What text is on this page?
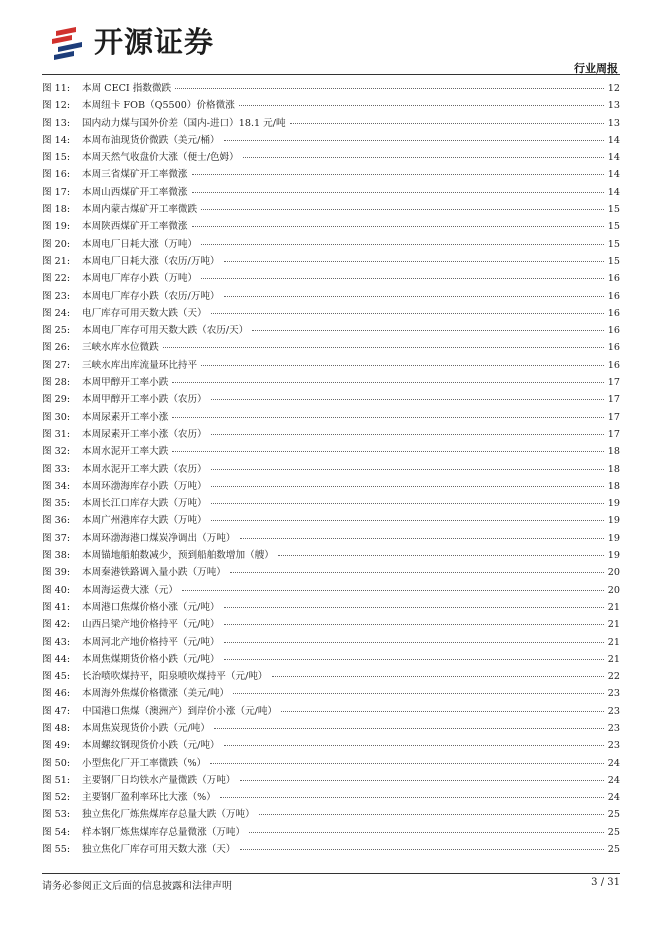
开源证券
行业周报
图 11:	本周 CECI 指数微跌	12
图 12:	本周纽卡 FOB（Q5500）价格微涨	13
图 13:	国内动力煤与国外价差（国内-进口）18.1 元/吨	13
图 14:	本周布油现货价微跌（美元/桶）	14
图 15:	本周天然气收盘价大涨（便士/色姆）	14
图 16:	本周三省煤矿开工率微涨	14
图 17:	本周山西煤矿开工率微涨	14
图 18:	本周内蒙古煤矿开工率微跌	15
图 19:	本周陕西煤矿开工率微涨	15
图 20:	本周电厂日耗大涨（万吨）	15
图 21:	本周电厂日耗大涨（农历/万吨）	15
图 22:	本周电厂库存小跌（万吨）	16
图 23:	本周电厂库存小跌（农历/万吨）	16
图 24:	电厂库存可用天数大跌（天）	16
图 25:	本周电厂库存可用天数大跌（农历/天）	16
图 26:	三峡水库水位微跌	16
图 27:	三峡水库出库流量环比持平	16
图 28:	本周甲醇开工率小跌	17
图 29:	本周甲醇开工率小跌（农历）	17
图 30:	本周尿素开工率小涨	17
图 31:	本周尿素开工率小涨（农历）	17
图 32:	本周水泥开工率大跌	18
图 33:	本周水泥开工率大跌（农历）	18
图 34:	本周环渤海库存小跌（万吨）	18
图 35:	本周长江口库存大跌（万吨）	19
图 36:	本周广州港库存大跌（万吨）	19
图 37:	本周环渤海港口煤炭净调出（万吨）	19
图 38:	本周锚地船舶数减少，预到船舶数增加（艘）	19
图 39:	本周秦港铁路调入量小跌（万吨）	20
图 40:	本周海运费大涨（元）	20
图 41:	本周港口焦煤价格小涨（元/吨）	21
图 42:	山西吕梁产地价格持平（元/吨）	21
图 43:	本周河北产地价格持平（元/吨）	21
图 44:	本周焦煤期货价格小跌（元/吨）	21
图 45:	长治喷吹煤持平，阳泉喷吹煤持平（元/吨）	22
图 46:	本周海外焦煤价格微涨（美元/吨）	23
图 47:	中国港口焦煤（澳洲产）到岸价小涨（元/吨）	23
图 48:	本周焦炭现货价小跌（元/吨）	23
图 49:	本周螺纹钢现货价小跌（元/吨）	23
图 50:	小型焦化厂开工率微跌（%）	24
图 51:	主要钢厂日均铁水产量微跌（万吨）	24
图 52:	主要钢厂盈利率环比大涨（%）	24
图 53:	独立焦化厂炼焦煤库存总量大跌（万吨）	25
图 54:	样本钢厂炼焦煤库存总量微涨（万吨）	25
图 55:	独立焦化厂库存可用天数大涨（天）	25
请务必参阅正文后面的信息披露和法律声明	3 / 31
